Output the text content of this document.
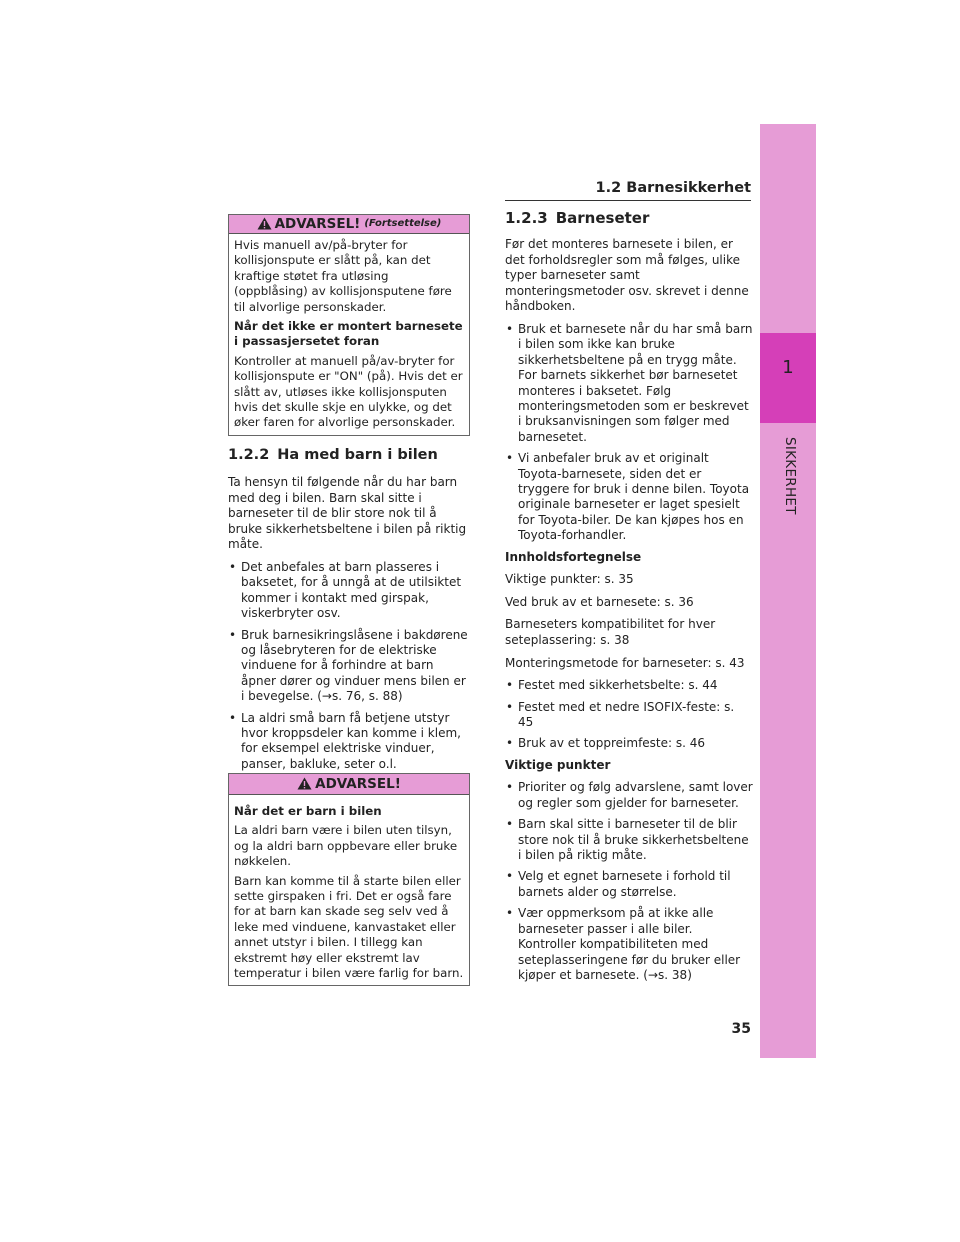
1
SIKKERHET
1.2 Barnesikkerhet
$^{ADVARSEL!}$ $^{(Fortsettelse)}$

Hvis manuell av/på-bryter for kollisjonspute er slått på, kan det kraftige støtet fra utløsing (oppblåsing) av kollisjonsputene føre til alvorlige personskader.

Når det ikke er montert barnesete i passasjersetet foran

Kontroller at manuell på/av-bryter for kollisjonspute er "ON" (på). Hvis det er slått av, utløses ikke kollisjonsputen hvis det skulle skje en ulykke, og det øker faren for alvorlige personskader.

1.2.2 Ha med barn i bilen

Ta hensyn til følgende når du har barn med deg i bilen. Barn skal sitte i barneseter til de blir store nok til å bruke sikkerhetsbeltene i bilen på riktig måte.

• Det anbefales at barn plasseres i baksetet, for å unngå at de utilsiktet kommer i kontakt med girspak, viskerbryter osv.
• Bruk barnesikringslåsene i bakdørene og låsebryteren for de elektriske vinduene for å forhindre at barn åpner dører og vinduer mens bilen er i bevegelse. (→s. 76, s. 88)
• La aldri små barn få betjene utstyr hvor kroppsdeler kan komme i klem, for eksempel elektriske vinduer, panser, bakluke, seter o.l.
$^{ADVARSEL!}$

Når det er barn i bilen

La aldri barn være i bilen uten tilsyn, og la aldri barn oppbevare eller bruke nøkkelen.

Barn kan komme til å starte bilen eller sette girspaken i fri. Det er også fare for at barn kan skade seg selv ved å leke med vinduene, kanvastaket eller annet utstyr i bilen. I tillegg kan ekstremt høy eller ekstremt lav temperatur i bilen være farlig for barn.

1.2.3 Barneseter

Før det monteres barnesete i bilen, er det forholdsregler som må følges, ulike typer barneseter samt monteringsmetoder osv. skrevet i denne håndboken.

• Bruk et barnesete når du har små barn i bilen som ikke kan bruke sikkerhetsbeltene på en trygg måte. For barnets sikkerhet bør barnesetet monteres i baksetet. Følg monteringsmetoden som er beskrevet i bruksanvisningen som følger med barnesetet.
• Vi anbefaler bruk av et originalt Toyota-barnesete, siden det er tryggere for bruk i denne bilen. Toyota originale barneseter er laget spesielt for Toyota-biler. De kan kjøpes hos en Toyota-forhandler.

Innholdsfortegnelse

Viktige punkter: s. 35

Ved bruk av et barnesete: s. 36

Barneseters kompatibilitet for hver seteplassering: s. 38

Monteringsmetode for barneseter: s. 43

• Festet med sikkerhetsbelte: s. 44
• Festet med et nedre ISOFIX-feste: s. 45
• Bruk av et toppreimfeste: s. 46

Viktige punkter

• Prioriter og følg advarslene, samt lover og regler som gjelder for barneseter.
• Barn skal sitte i barneseter til de blir store nok til å bruke sikkerhetsbeltene i bilen på riktig måte.
• Velg et egnet barnesete i forhold til barnets alder og størrelse.
• Vær oppmerksom på at ikke alle barneseter passer i alle biler. Kontroller kompatibiliteten med seteplasseringene før du bruker eller kjøper et barnesete. (→s. 38)
35
